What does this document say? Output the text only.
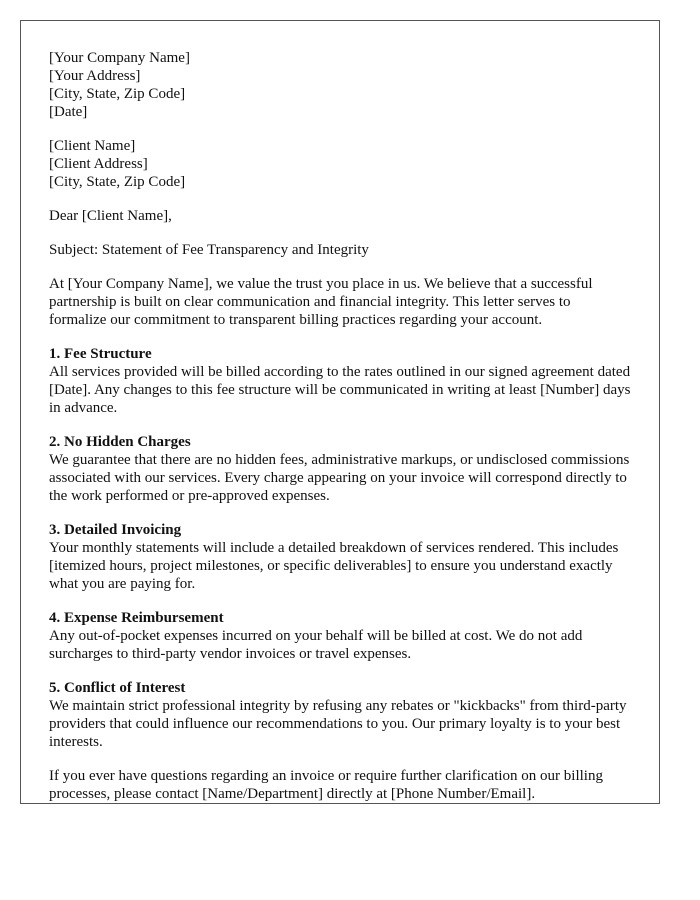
[Your Company Name]
[Your Address]
[City, State, Zip Code]
[Date]
[Client Name]
[Client Address]
[City, State, Zip Code]

Dear [Client Name],

Subject: Statement of Fee Transparency and Integrity

At [Your Company Name], we value the trust you place in us. We believe that a successful partnership is built on clear communication and financial integrity. This letter serves to formalize our commitment to transparent billing practices regarding your account.

1. Fee Structure
All services provided will be billed according to the rates outlined in our signed agreement dated [Date]. Any changes to this fee structure will be communicated in writing at least [Number] days in advance.
2. No Hidden Charges
We guarantee that there are no hidden fees, administrative markups, or undisclosed commissions associated with our services. Every charge appearing on your invoice will correspond directly to the work performed or pre-approved expenses.
3. Detailed Invoicing
Your monthly statements will include a detailed breakdown of services rendered. This includes [itemized hours, project milestones, or specific deliverables] to ensure you understand exactly what you are paying for.
4. Expense Reimbursement
Any out-of-pocket expenses incurred on your behalf will be billed at cost. We do not add surcharges to third-party vendor invoices or travel expenses.
5. Conflict of Interest
We maintain strict professional integrity by refusing any rebates or "kickbacks" from third-party providers that could influence our recommendations to you. Our primary loyalty is to your best interests.

If you ever have questions regarding an invoice or require further clarification on our billing processes, please contact [Name/Department] directly at [Phone Number/Email].
